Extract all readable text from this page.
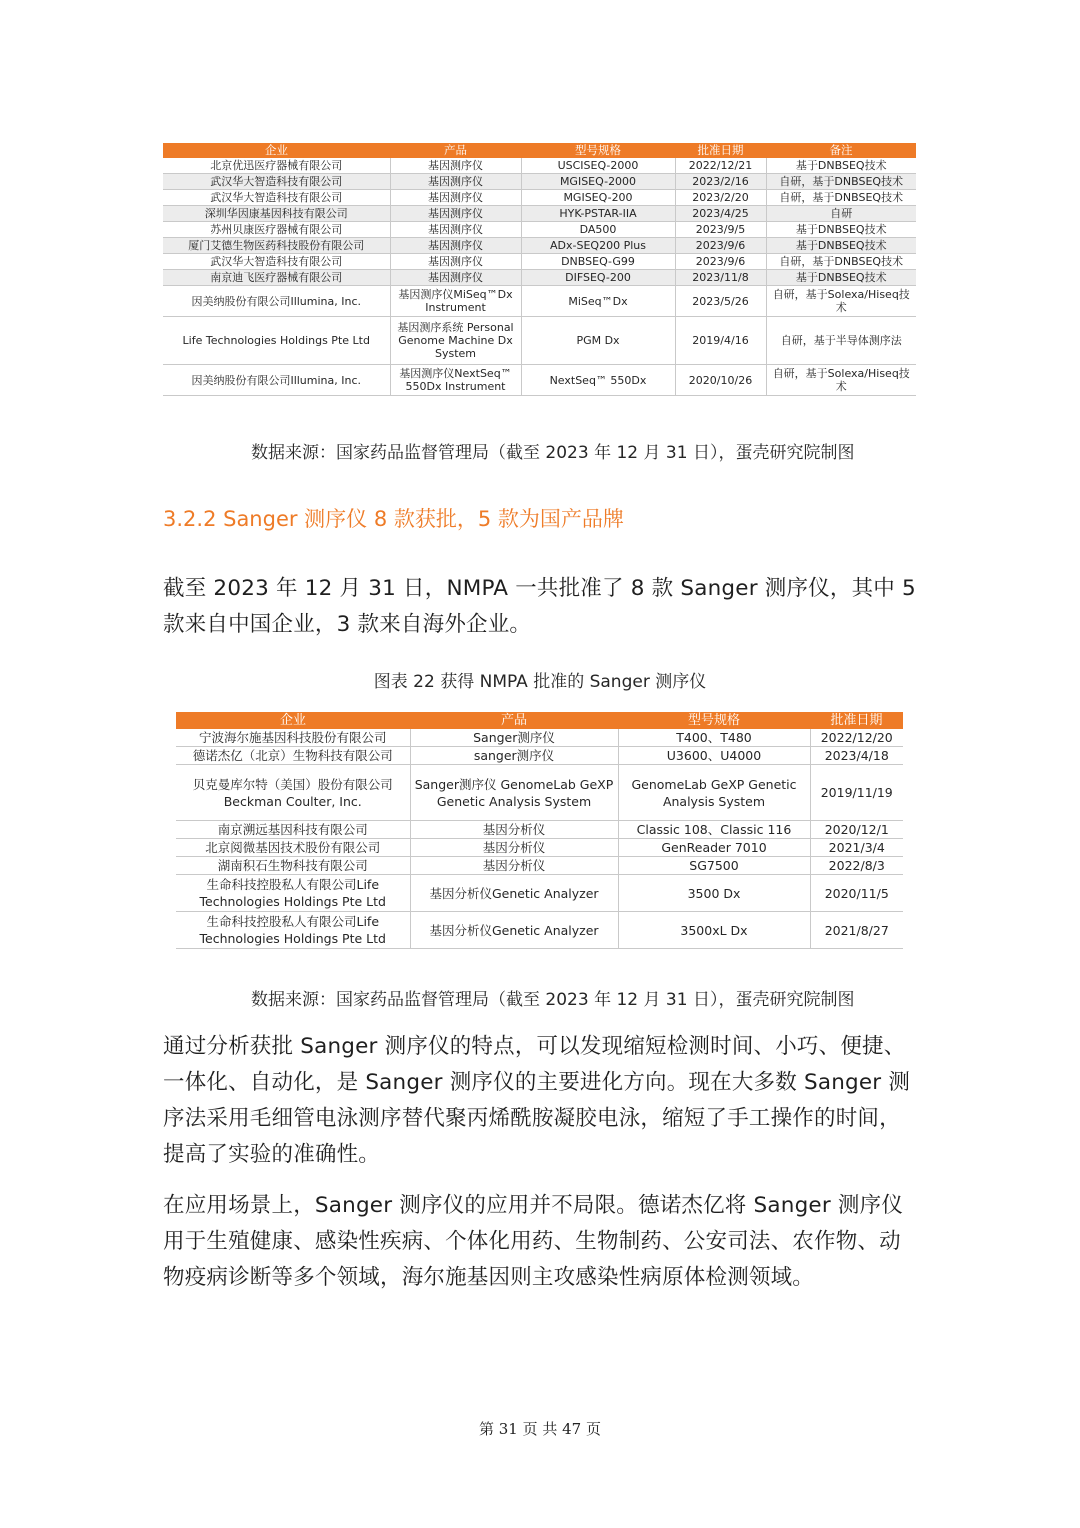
企业	产品	型号规格	批准日期	备注
北京优迅医疗器械有限公司	基因测序仪	USCISEQ-2000	2022/12/21	基于DNBSEQ技术
武汉华大智造科技有限公司	基因测序仪	MGISEQ-2000	2023/2/16	自研，基于DNBSEQ技术
武汉华大智造科技有限公司	基因测序仪	MGISEQ-200	2023/2/20	自研，基于DNBSEQ技术
深圳华因康基因科技有限公司	基因测序仪	HYK-PSTAR-IIA	2023/4/25	自研
苏州贝康医疗器械有限公司	基因测序仪	DA500	2023/9/5	基于DNBSEQ技术
厦门艾德生物医药科技股份有限公司	基因测序仪	ADx-SEQ200 Plus	2023/9/6	基于DNBSEQ技术
武汉华大智造科技有限公司	基因测序仪	DNBSEQ-G99	2023/9/6	自研，基于DNBSEQ技术
南京迪飞医疗器械有限公司	基因测序仪	DIFSEQ-200	2023/11/8	基于DNBSEQ技术
因美纳股份有限公司Illumina, Inc.	基因测序仪MiSeq™Dx Instrument	MiSeq™Dx	2023/5/26	自研，基于Solexa/Hiseq技术
Life Technologies Holdings Pte Ltd	基因测序系统 Personal Genome Machine Dx System	PGM Dx	2019/4/16	自研，基于半导体测序法
因美纳股份有限公司Illumina, Inc.	基因测序仪NextSeq™ 550Dx Instrument	NextSeq™ 550Dx	2020/10/26	自研，基于Solexa/Hiseq技术
数据来源：国家药品监督管理局（截至 2023 年 12 月 31 日），蛋壳研究院制图
3.2.2 Sanger 测序仪 8 款获批，5 款为国产品牌
截至 2023 年 12 月 31 日，NMPA 一共批准了 8 款 Sanger 测序仪，其中 5 款来自中国企业，3 款来自海外企业。
图表 22 获得 NMPA 批准的 Sanger 测序仪
企业	产品	型号规格	批准日期
宁波海尔施基因科技股份有限公司	Sanger测序仪	T400、T480	2022/12/20
德诺杰亿（北京）生物科技有限公司	sanger测序仪	U3600、U4000	2023/4/18
贝克曼库尔特（美国）股份有限公司 Beckman Coulter, Inc.	Sanger测序仪 GenomeLab GeXP Genetic Analysis System	GenomeLab GeXP Genetic Analysis System	2019/11/19
南京溯远基因科技有限公司	基因分析仪	Classic 108、Classic 116	2020/12/1
北京阅微基因技术股份有限公司	基因分析仪	GenReader 7010	2021/3/4
湖南积石生物科技有限公司	基因分析仪	SG7500	2022/8/3
生命科技控股私人有限公司Life Technologies Holdings Pte Ltd	基因分析仪Genetic Analyzer	3500 Dx	2020/11/5
生命科技控股私人有限公司Life Technologies Holdings Pte Ltd	基因分析仪Genetic Analyzer	3500xL Dx	2021/8/27
数据来源：国家药品监督管理局（截至 2023 年 12 月 31 日），蛋壳研究院制图
通过分析获批 Sanger 测序仪的特点，可以发现缩短检测时间、小巧、便捷、一体化、自动化，是 Sanger 测序仪的主要进化方向。现在大多数 Sanger 测序法采用毛细管电泳测序替代聚丙烯酰胺凝胶电泳，缩短了手工操作的时间，提高了实验的准确性。
在应用场景上，Sanger 测序仪的应用并不局限。德诺杰亿将 Sanger 测序仪用于生殖健康、感染性疾病、个体化用药、生物制药、公安司法、农作物、动物疫病诊断等多个领域，海尔施基因则主攻感染性病原体检测领域。
第 31 页 共 47 页
